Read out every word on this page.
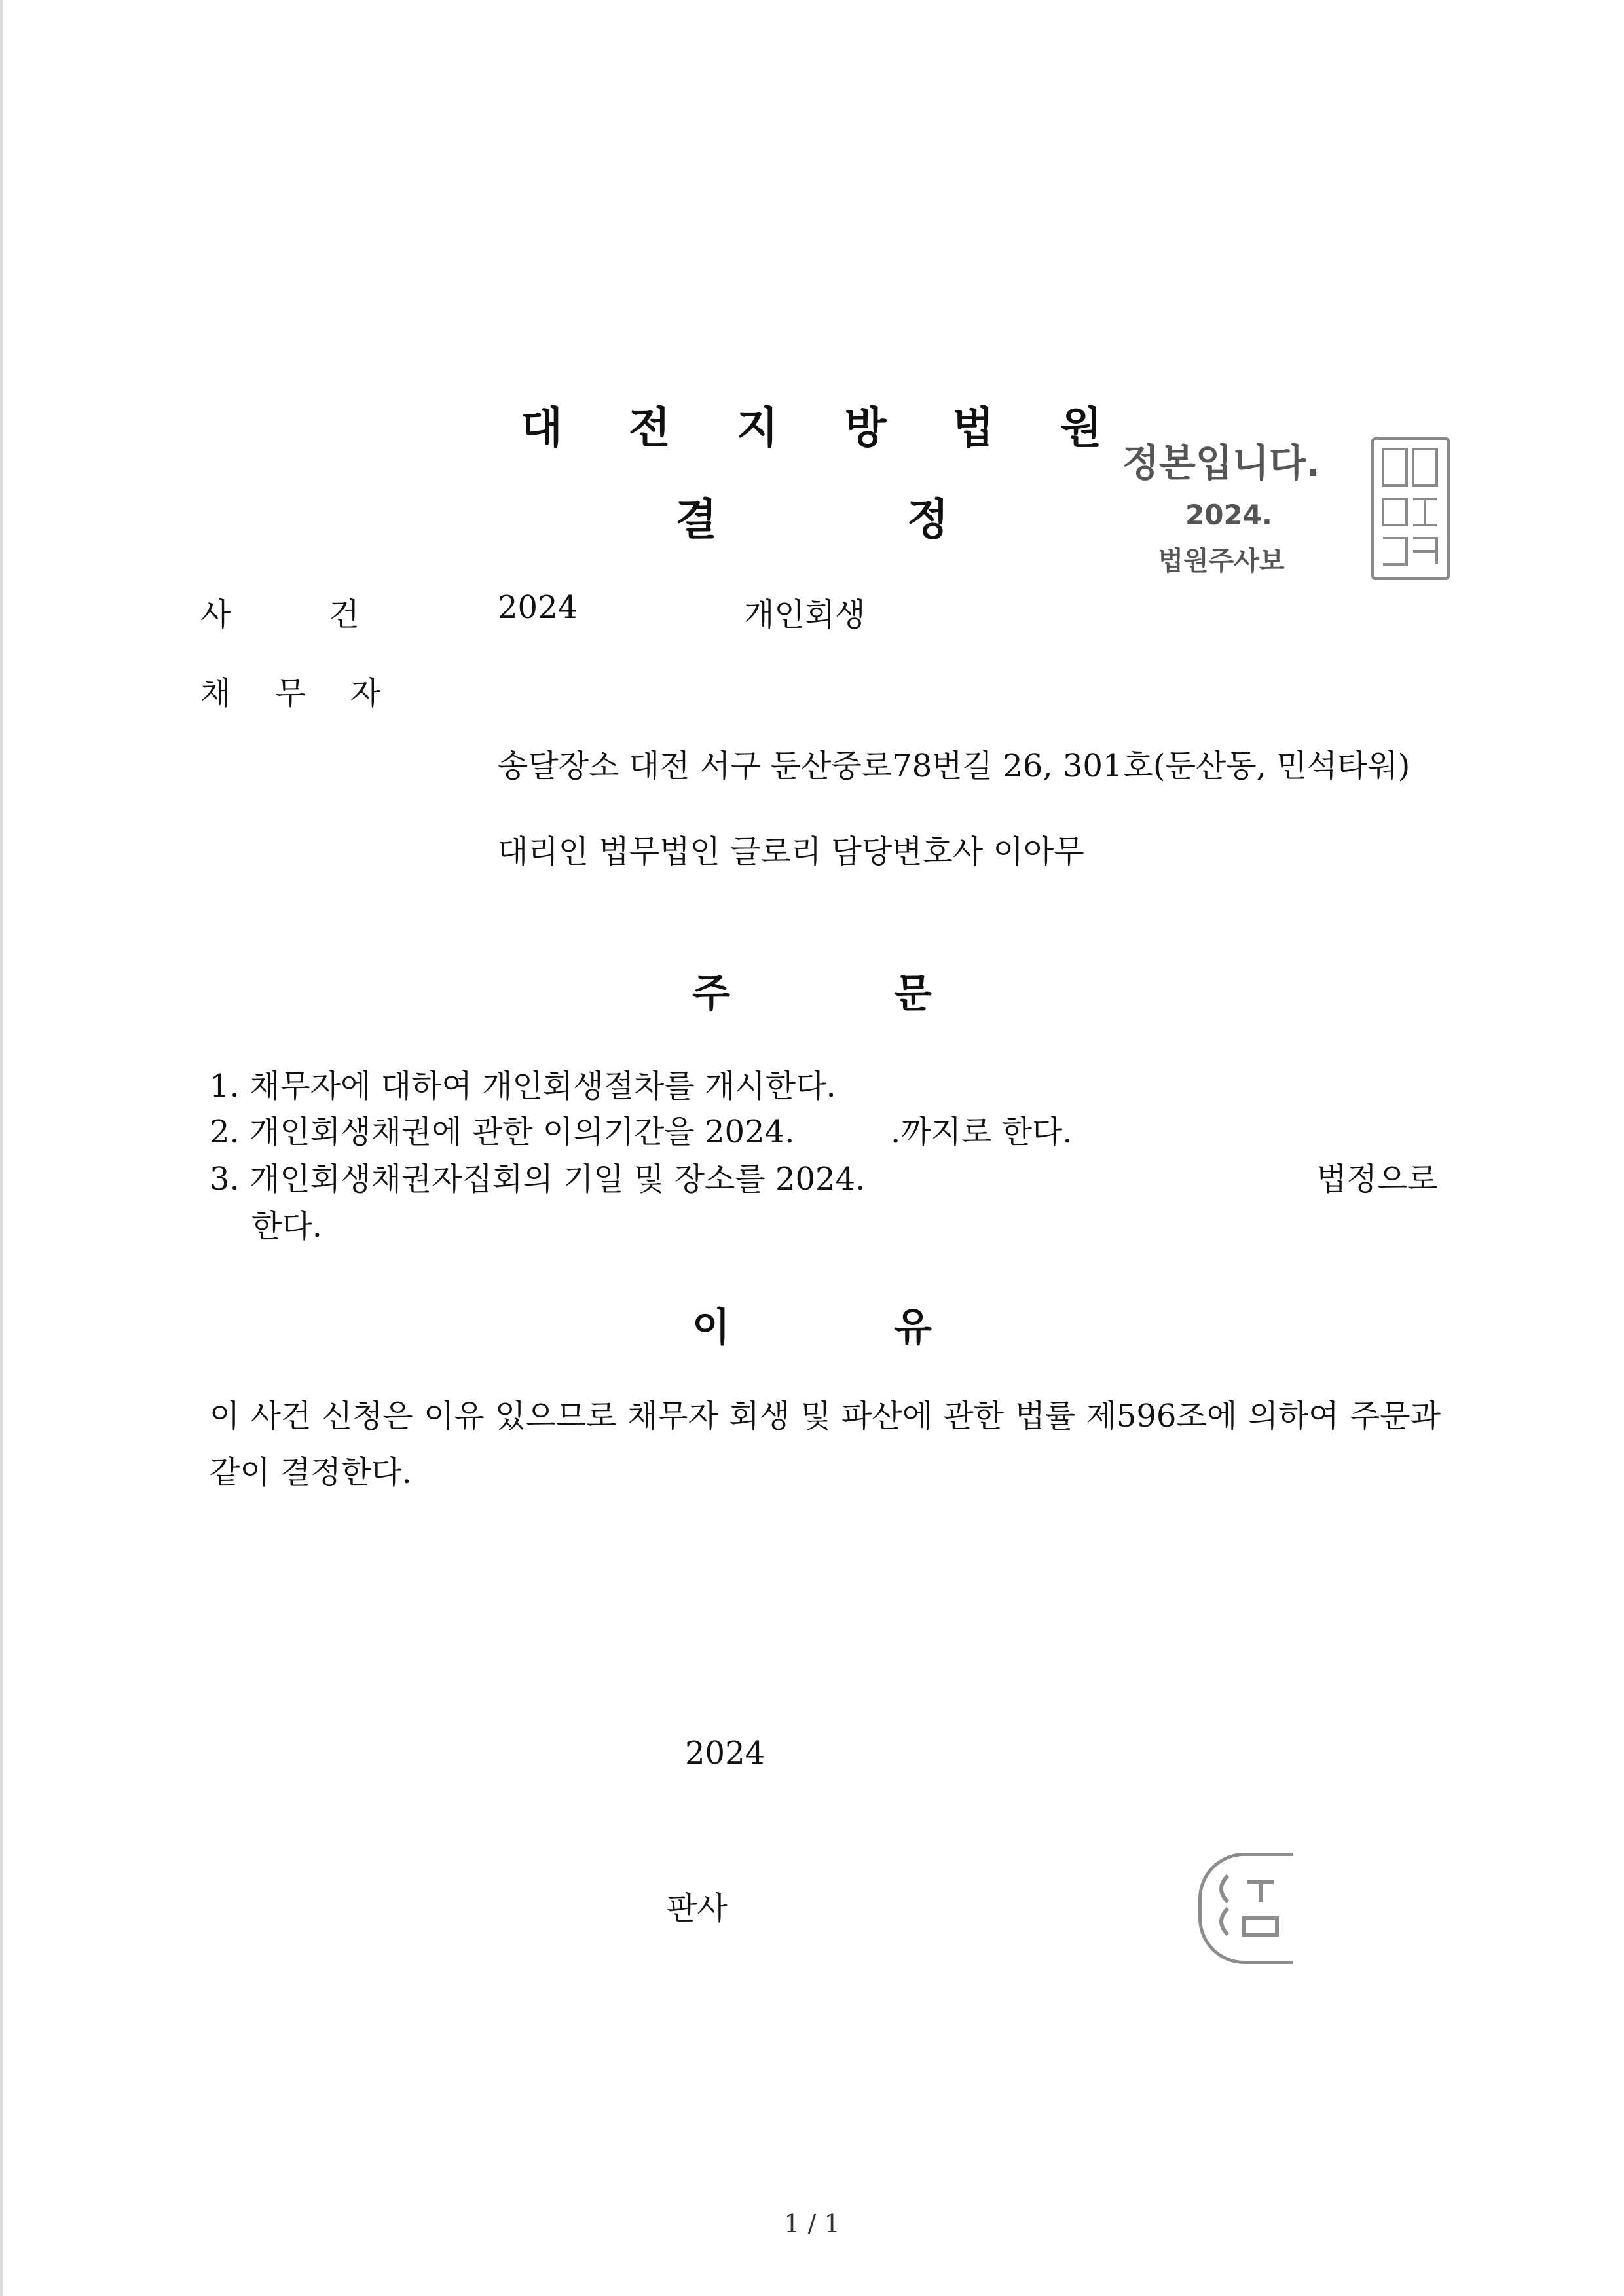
대 전 지 방 법 원
결	정
정본입니다.
2024.
법원주사보
사	건	2024	개인회생
채 무 자
송달장소 대전 서구 둔산중로78번길 26, 301호(둔산동, 민석타워)
대리인 법무법인 글로리 담당변호사 이아무
주	문
1. 채무자에 대하여 개인회생절차를 개시한다.
2. 개인회생채권에 관한 이의기간을 2024.	.까지로 한다.
3. 개인회생채권자집회의 기일 및 장소를 2024.	법정으로
한다.
이	유
이 사건 신청은 이유 있으므로 채무자 회생 및 파산에 관한 법률 제596조에 의하여 주문과 같이 결정한다.
2024
판사
1 / 1
